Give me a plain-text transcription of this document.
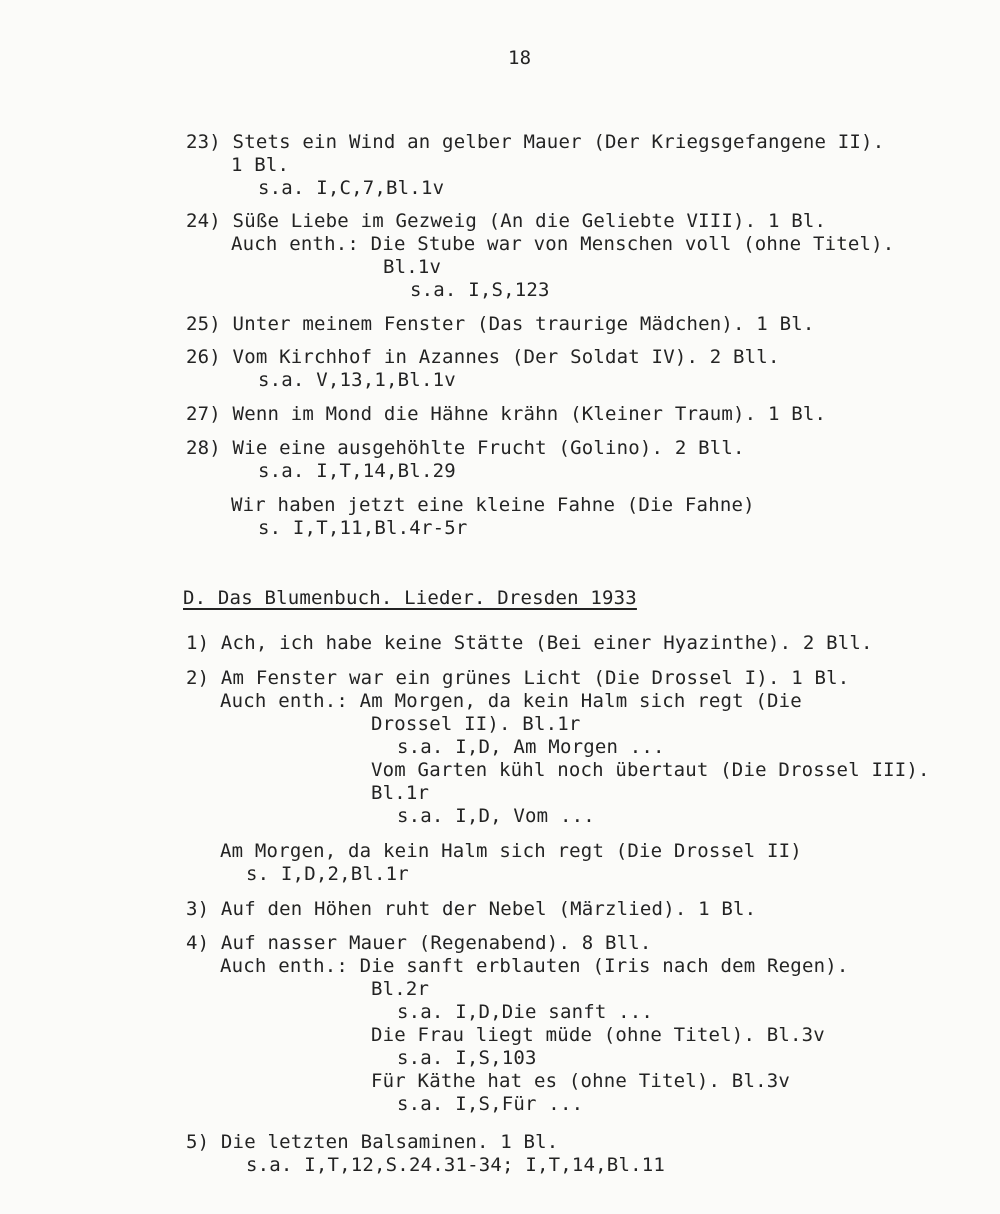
18
23) Stets ein Wind an gelber Mauer (Der Kriegsgefangene II).
1 Bl.
s.a. I,C,7,Bl.1v
24) Süße Liebe im Gezweig (An die Geliebte VIII). 1 Bl.
Auch enth.: Die Stube war von Menschen voll (ohne Titel).
Bl.1v
s.a. I,S,123
25) Unter meinem Fenster (Das traurige Mädchen). 1 Bl.
26) Vom Kirchhof in Azannes (Der Soldat IV). 2 Bll.
s.a. V,13,1,Bl.1v
27) Wenn im Mond die Hähne krähn (Kleiner Traum). 1 Bl.
28) Wie eine ausgehöhlte Frucht (Golino). 2 Bll.
s.a. I,T,14,Bl.29
Wir haben jetzt eine kleine Fahne (Die Fahne)
s. I,T,11,Bl.4r-5r
D. Das Blumenbuch. Lieder. Dresden 1933
1) Ach, ich habe keine Stätte (Bei einer Hyazinthe). 2 Bll.
2) Am Fenster war ein grünes Licht (Die Drossel I). 1 Bl.
Auch enth.: Am Morgen, da kein Halm sich regt (Die
Drossel II). Bl.1r
s.a. I,D, Am Morgen ...
Vom Garten kühl noch übertaut (Die Drossel III).
Bl.1r
s.a. I,D, Vom ...
Am Morgen, da kein Halm sich regt (Die Drossel II)
s. I,D,2,Bl.1r
3) Auf den Höhen ruht der Nebel (Märzlied). 1 Bl.
4) Auf nasser Mauer (Regenabend). 8 Bll.
Auch enth.: Die sanft erblauten (Iris nach dem Regen).
Bl.2r
s.a. I,D,Die sanft ...
Die Frau liegt müde (ohne Titel). Bl.3v
s.a. I,S,103
Für Käthe hat es (ohne Titel). Bl.3v
s.a. I,S,Für ...
5) Die letzten Balsaminen. 1 Bl.
s.a. I,T,12,S.24.31-34; I,T,14,Bl.11
